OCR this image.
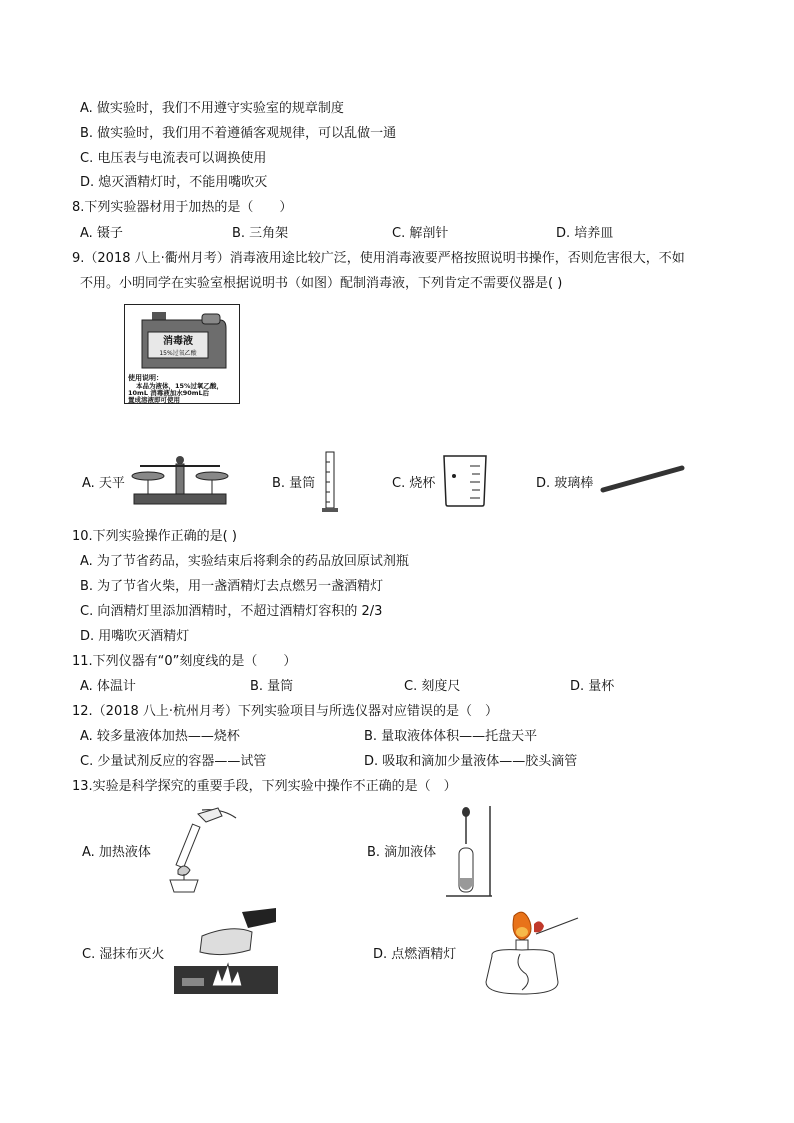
A. 做实验时，我们不用遵守实验室的规章制度
B. 做实验时，我们用不着遵循客观规律，可以乱做一通
C. 电压表与电流表可以调换使用
D. 熄灭酒精灯时，不能用嘴吹灭
8.下列实验器材用于加热的是（　　）
A. 镊子	B. 三角架	C. 解剖针	D. 培养皿
9.（2018 八上·衢州月考）消毒液用途比较广泛，使用消毒液要严格按照说明书操作，否则危害很大，不如
不用。小明同学在实验室根据说明书（如图）配制消毒液，下列肯定不需要仪器是( )
消毒液
15%过氧乙酸
使用说明：
本品为液体，15%过氧乙酸，
10mL 消毒液加水90mL后
置成溶液即可使用
A. 天平	B. 量筒	C. 烧杯	D. 玻璃棒
10.下列实验操作正确的是( )
A. 为了节省药品，实验结束后将剩余的药品放回原试剂瓶
B. 为了节省火柴，用一盏酒精灯去点燃另一盏酒精灯
C. 向酒精灯里添加酒精时，不超过酒精灯容积的 2/3
D. 用嘴吹灭酒精灯
11.下列仪器有“0”刻度线的是（　　）
A. 体温计	B. 量筒	C. 刻度尺	D. 量杯
12.（2018 八上·杭州月考）下列实验项目与所选仪器对应错误的是（　）
A. 较多量液体加热——烧杯	B. 量取液体体积——托盘天平
C. 少量试剂反应的容器——试管	D. 吸取和滴加少量液体——胶头滴管
13.实验是科学探究的重要手段，下列实验中操作不正确的是（　）
A. 加热液体	B. 滴加液体
C. 湿抹布灭火	D. 点燃酒精灯
